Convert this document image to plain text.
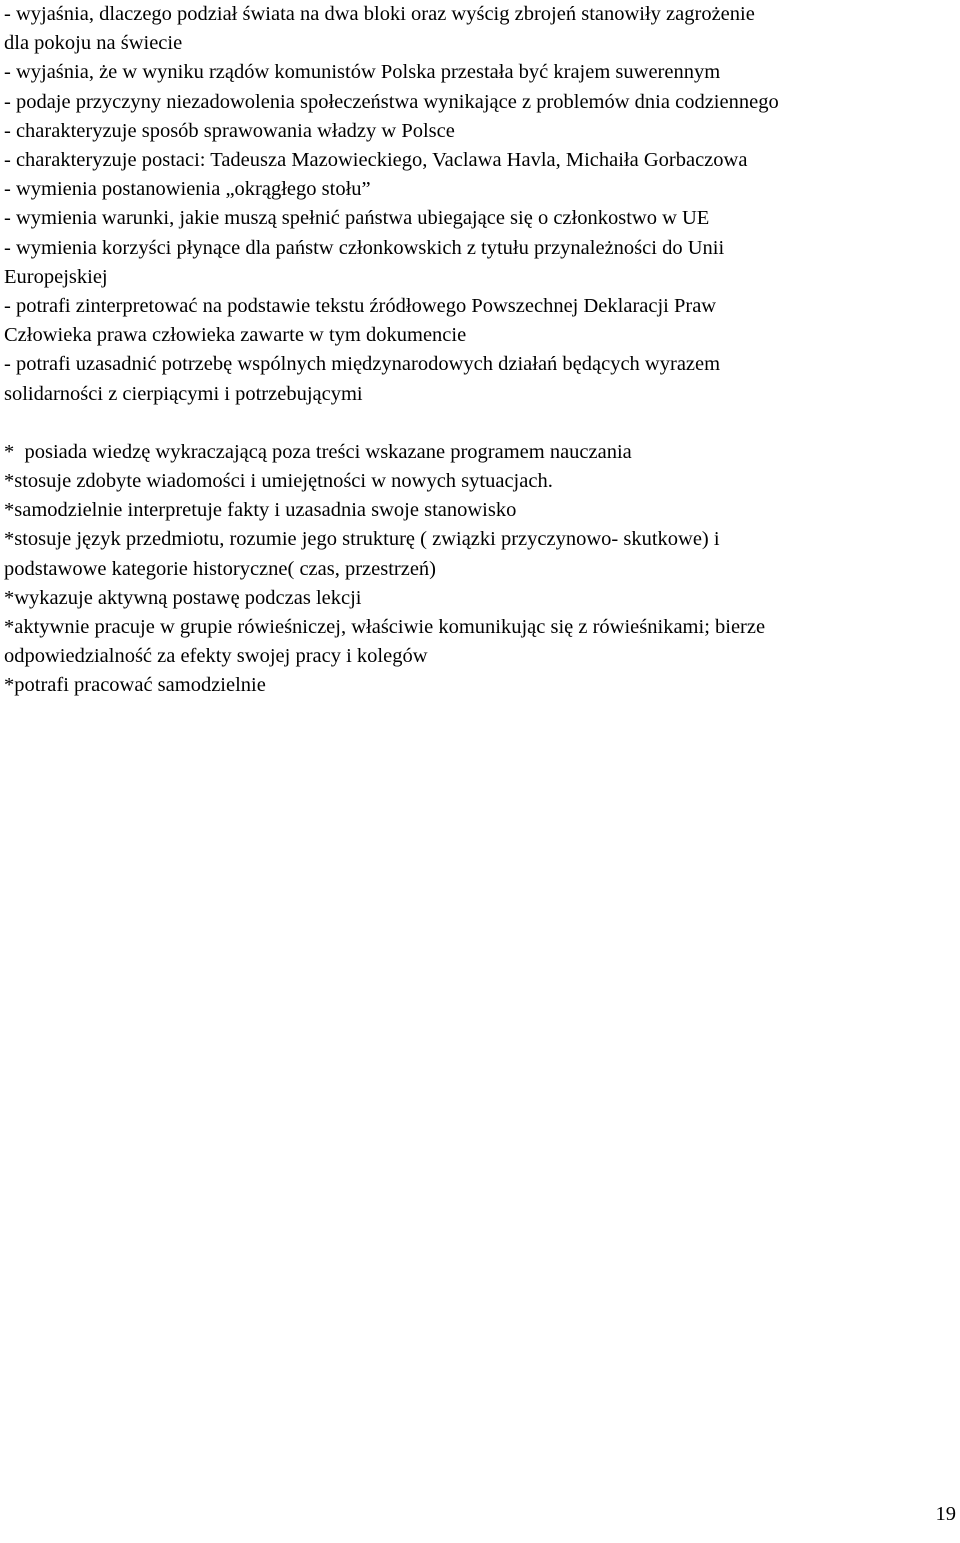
- wyjaśnia, dlaczego podział świata na dwa bloki oraz wyścig zbrojeń stanowiły zagrożenie

dla pokoju na świecie

- wyjaśnia, że w wyniku rządów komunistów Polska przestała być krajem suwerennym

- podaje przyczyny niezadowolenia społeczeństwa wynikające z problemów dnia codziennego

- charakteryzuje sposób sprawowania władzy w Polsce

- charakteryzuje postaci: Tadeusza Mazowieckiego, Vaclawa Havla, Michaiła Gorbaczowa

- wymienia postanowienia „okrągłego stołu”

- wymienia warunki, jakie muszą spełnić państwa ubiegające się o członkostwo w UE

- wymienia korzyści płynące dla państw członkowskich z tytułu przynależności do Unii

Europejskiej

- potrafi zinterpretować na podstawie tekstu źródłowego Powszechnej Deklaracji Praw

Człowieka prawa człowieka zawarte w tym dokumencie

- potrafi uzasadnić potrzebę wspólnych międzynarodowych działań będących wyrazem

solidarności z cierpiącymi i potrzebującymi

*  posiada wiedzę wykraczającą poza treści wskazane programem nauczania

*stosuje zdobyte wiadomości i umiejętności w nowych sytuacjach.

*samodzielnie interpretuje fakty i uzasadnia swoje stanowisko

*stosuje język przedmiotu, rozumie jego strukturę ( związki przyczynowo- skutkowe) i

podstawowe kategorie historyczne( czas, przestrzeń)

*wykazuje aktywną postawę podczas lekcji

*aktywnie pracuje w grupie rówieśniczej, właściwie komunikując się z rówieśnikami; bierze

odpowiedzialność za efekty swojej pracy i kolegów

*potrafi pracować samodzielnie

19
